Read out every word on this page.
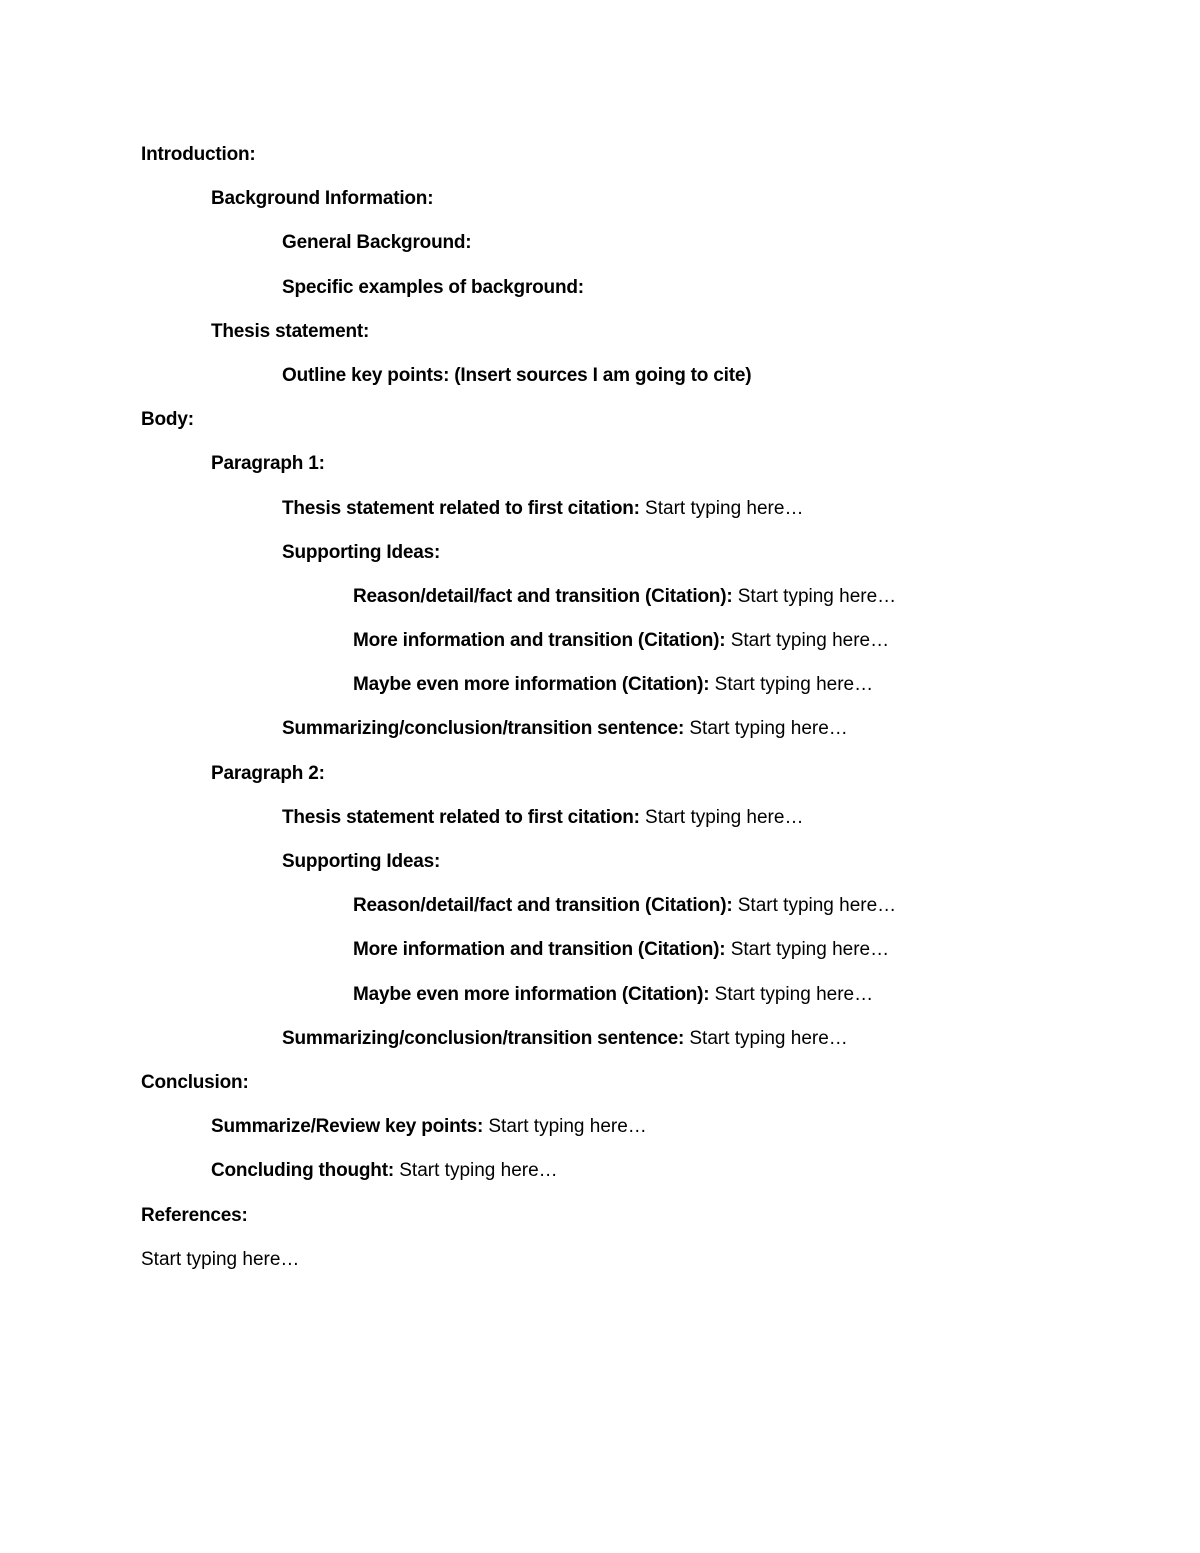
Introduction:
Background Information:
General Background:
Specific examples of background:
Thesis statement:
Outline key points: (Insert sources I am going to cite)
Body:
Paragraph 1:
Thesis statement related to first citation: Start typing here…
Supporting Ideas:
Reason/detail/fact and transition (Citation): Start typing here…
More information and transition (Citation): Start typing here…
Maybe even more information (Citation): Start typing here…
Summarizing/conclusion/transition sentence: Start typing here…
Paragraph 2:
Thesis statement related to first citation: Start typing here…
Supporting Ideas:
Reason/detail/fact and transition (Citation): Start typing here…
More information and transition (Citation): Start typing here…
Maybe even more information (Citation): Start typing here…
Summarizing/conclusion/transition sentence: Start typing here…
Conclusion:
Summarize/Review key points: Start typing here…
Concluding thought: Start typing here…
References:
Start typing here…
